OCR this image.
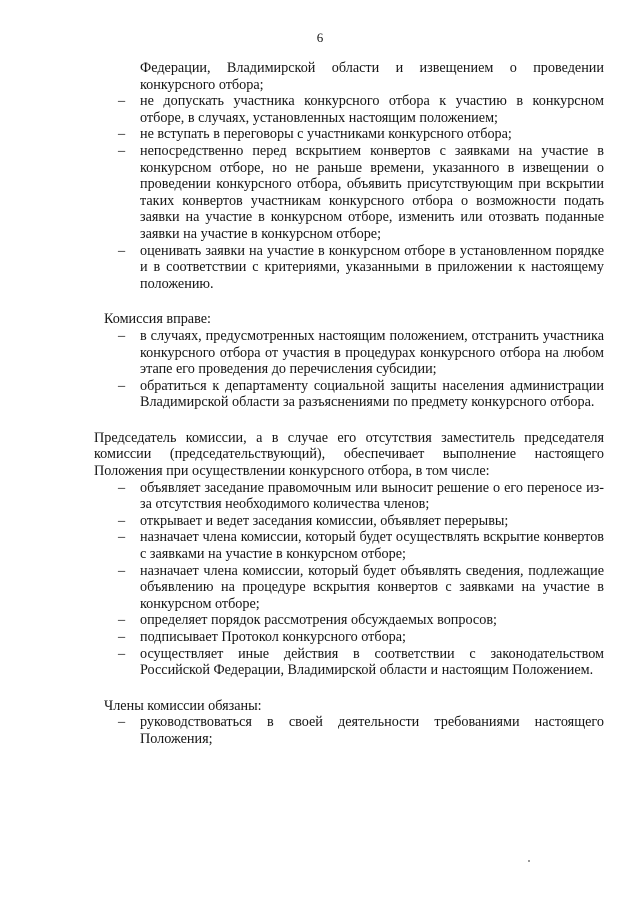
6
Федерации, Владимирской области и извещением о проведении конкурсного отбора;
– не допускать участника конкурсного отбора к участию в конкурсном отборе, в случаях, установленных настоящим положением;
– не вступать в переговоры с участниками конкурсного отбора;
– непосредственно перед вскрытием конвертов с заявками на участие в конкурсном отборе, но не раньше времени, указанного в извещении о проведении конкурсного отбора, объявить присутствующим при вскрытии таких конвертов участникам конкурсного отбора о возможности подать заявки на участие в конкурсном отборе, изменить или отозвать поданные заявки на участие в конкурсном отборе;
– оценивать заявки на участие в конкурсном отборе в установленном порядке и в соответствии с критериями, указанными в приложении к настоящему положению.
Комиссия вправе:
– в случаях, предусмотренных настоящим положением, отстранить участника конкурсного отбора от участия в процедурах конкурсного отбора на любом этапе его проведения до перечисления субсидии;
– обратиться к департаменту социальной защиты населения администрации Владимирской области за разъяснениями по предмету конкурсного отбора.
Председатель комиссии, а в случае его отсутствия заместитель председателя комиссии (председательствующий), обеспечивает выполнение настоящего Положения при осуществлении конкурсного отбора, в том числе:
– объявляет заседание правомочным или выносит решение о его переносе из-за отсутствия необходимого количества членов;
– открывает и ведет заседания комиссии, объявляет перерывы;
– назначает члена комиссии, который будет осуществлять вскрытие конвертов с заявками на участие в конкурсном отборе;
– назначает члена комиссии, который будет объявлять сведения, подлежащие объявлению на процедуре вскрытия конвертов с заявками на участие в конкурсном отборе;
– определяет порядок рассмотрения обсуждаемых вопросов;
– подписывает Протокол конкурсного отбора;
– осуществляет иные действия в соответствии с законодательством Российской Федерации, Владимирской области и настоящим Положением.
Члены комиссии обязаны:
– руководствоваться в своей деятельности требованиями настоящего Положения;
